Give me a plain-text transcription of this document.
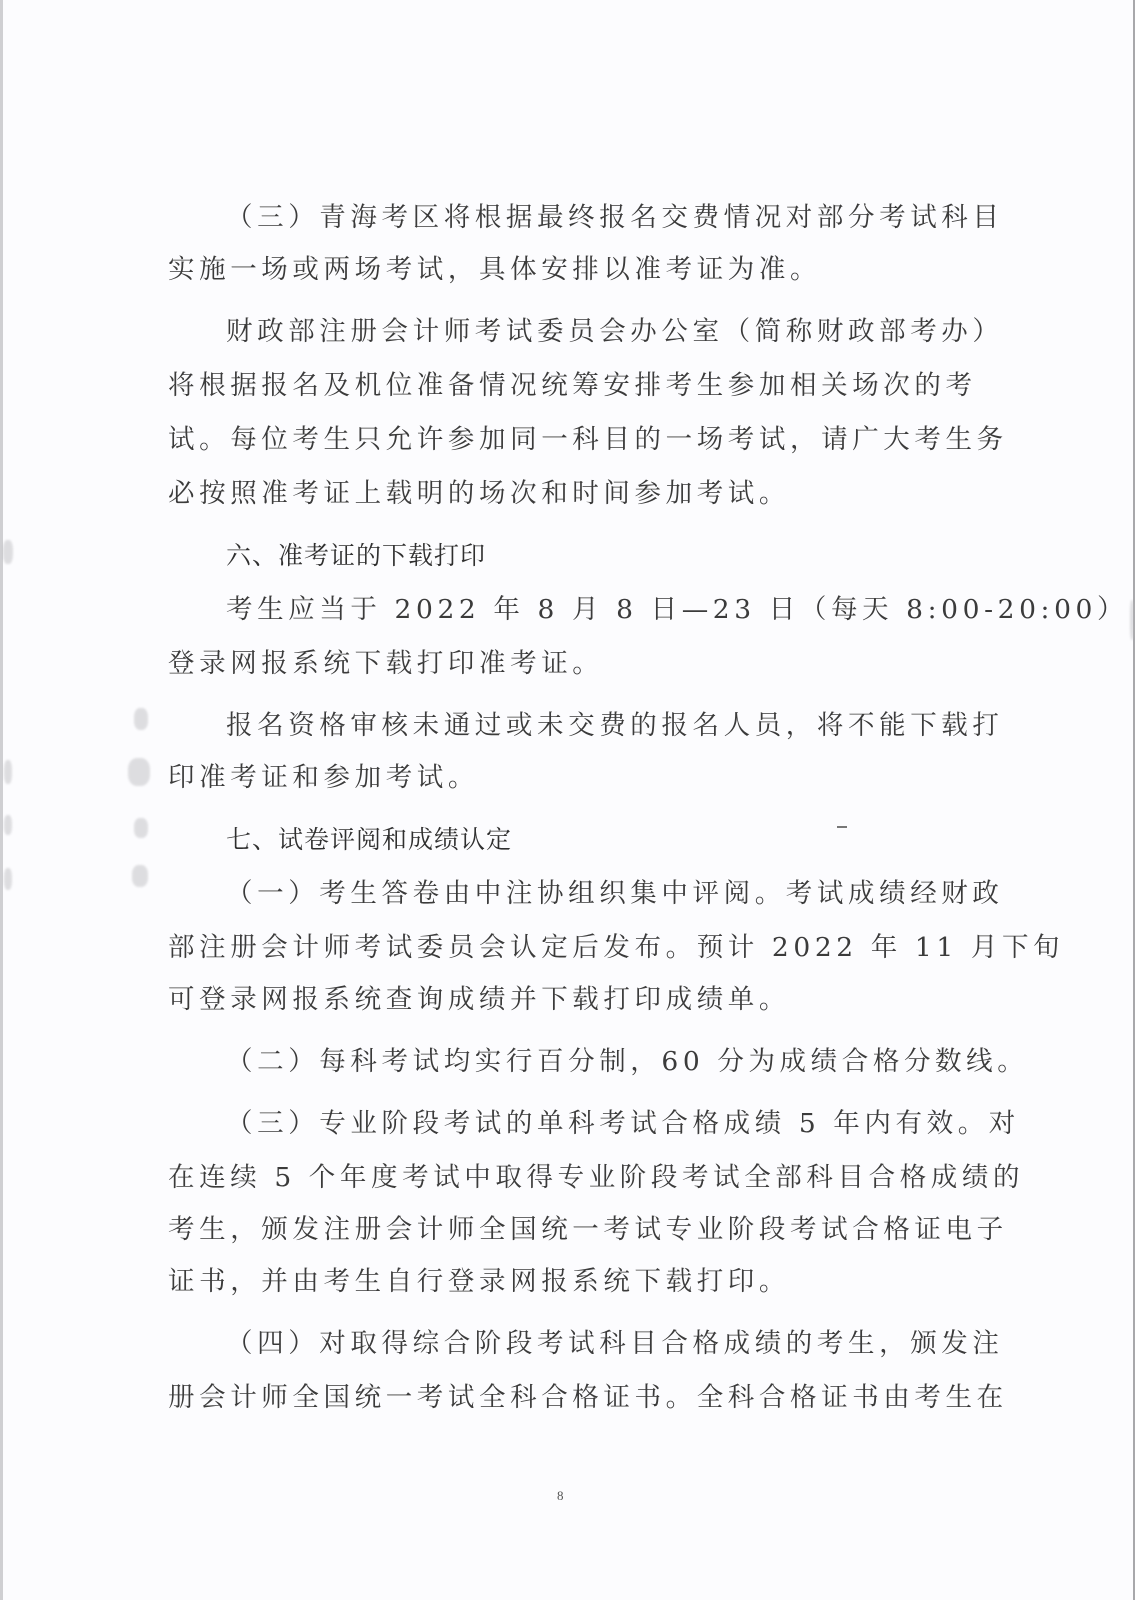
（三）青海考区将根据最终报名交费情况对部分考试科目
实施一场或两场考试，具体安排以准考证为准。
财政部注册会计师考试委员会办公室（简称财政部考办）
将根据报名及机位准备情况统筹安排考生参加相关场次的考
试。每位考生只允许参加同一科目的一场考试，请广大考生务
必按照准考证上载明的场次和时间参加考试。
六、准考证的下载打印
考生应当于 2022 年 8 月 8 日—23 日（每天 8:00-20:00）
登录网报系统下载打印准考证。
报名资格审核未通过或未交费的报名人员，将不能下载打
印准考证和参加考试。
七、试卷评阅和成绩认定
（一）考生答卷由中注协组织集中评阅。考试成绩经财政
部注册会计师考试委员会认定后发布。预计 2022 年 11 月下旬
可登录网报系统查询成绩并下载打印成绩单。
（二）每科考试均实行百分制，60 分为成绩合格分数线。
（三）专业阶段考试的单科考试合格成绩 5 年内有效。对
在连续 5 个年度考试中取得专业阶段考试全部科目合格成绩的
考生，颁发注册会计师全国统一考试专业阶段考试合格证电子
证书，并由考生自行登录网报系统下载打印。
（四）对取得综合阶段考试科目合格成绩的考生，颁发注
册会计师全国统一考试全科合格证书。全科合格证书由考生在
8
